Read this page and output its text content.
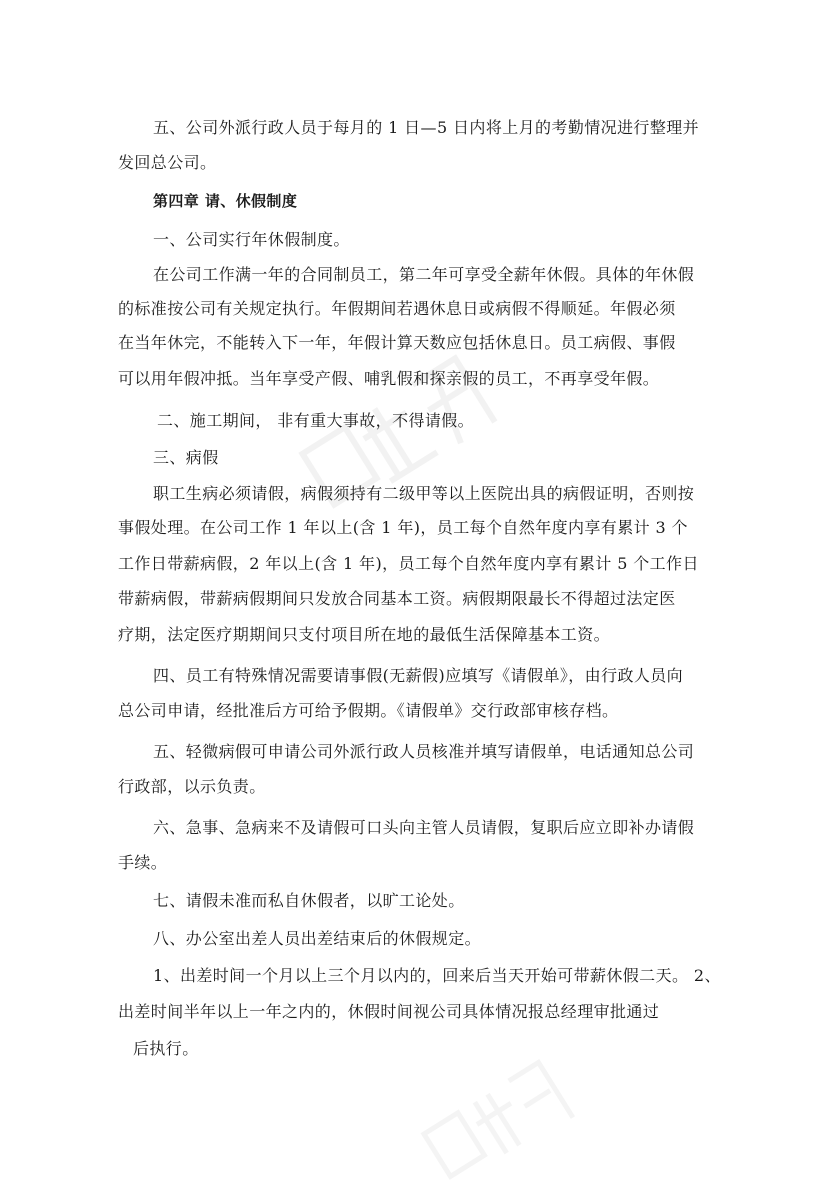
五、公司外派行政人员于每月的 1 日—5 日内将上月的考勤情况进行整理并
发回总公司。
第四章 请、休假制度
一、公司实行年休假制度。
在公司工作满一年的合同制员工，第二年可享受全薪年休假。具体的年休假
的标准按公司有关规定执行。年假期间若遇休息日或病假不得顺延。年假必须
在当年休完，不能转入下一年，年假计算天数应包括休息日。员工病假、事假
可以用年假冲抵。当年享受产假、哺乳假和探亲假的员工，不再享受年假。
二、施工期间， 非有重大事故，不得请假。
三、病假
职工生病必须请假，病假须持有二级甲等以上医院出具的病假证明，否则按
事假处理。在公司工作 1 年以上(含 1 年)，员工每个自然年度内享有累计 3 个
工作日带薪病假，2 年以上(含 1 年)，员工每个自然年度内享有累计 5 个工作日
带薪病假，带薪病假期间只发放合同基本工资。病假期限最长不得超过法定医
疗期，法定医疗期期间只支付项目所在地的最低生活保障基本工资。
四、员工有特殊情况需要请事假(无薪假)应填写《请假单》，由行政人员向
总公司申请，经批准后方可给予假期。《请假单》交行政部审核存档。
五、轻微病假可申请公司外派行政人员核准并填写请假单，电话通知总公司
行政部，以示负责。
六、急事、急病来不及请假可口头向主管人员请假，复职后应立即补办请假
手续。
七、请假未准而私自休假者，以旷工论处。
八、办公室出差人员出差结束后的休假规定。
1、出差时间一个月以上三个月以内的，回来后当天开始可带薪休假二天。 2、
出差时间半年以上一年之内的，休假时间视公司具体情况报总经理审批通过
后执行。
